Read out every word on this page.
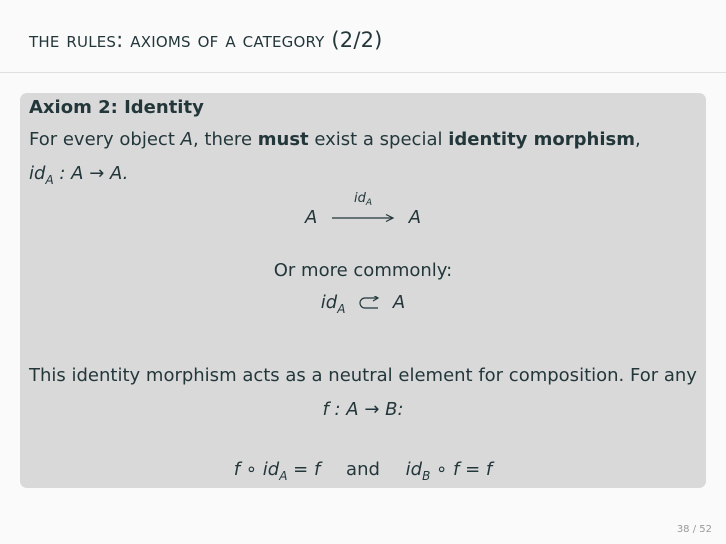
the rules: axioms of a category (2/2)
Axiom 2: Identity
For every object A, there must exist a special identity morphism,
$id_A$ : A → A.
A
$id_A$
A
Or more commonly:
$id_A$	A
This identity morphism acts as a neutral element for composition. For any
f : A → B:
f ∘ $id_A = f$ and $id_B$ ∘ f = f
38 / 52
